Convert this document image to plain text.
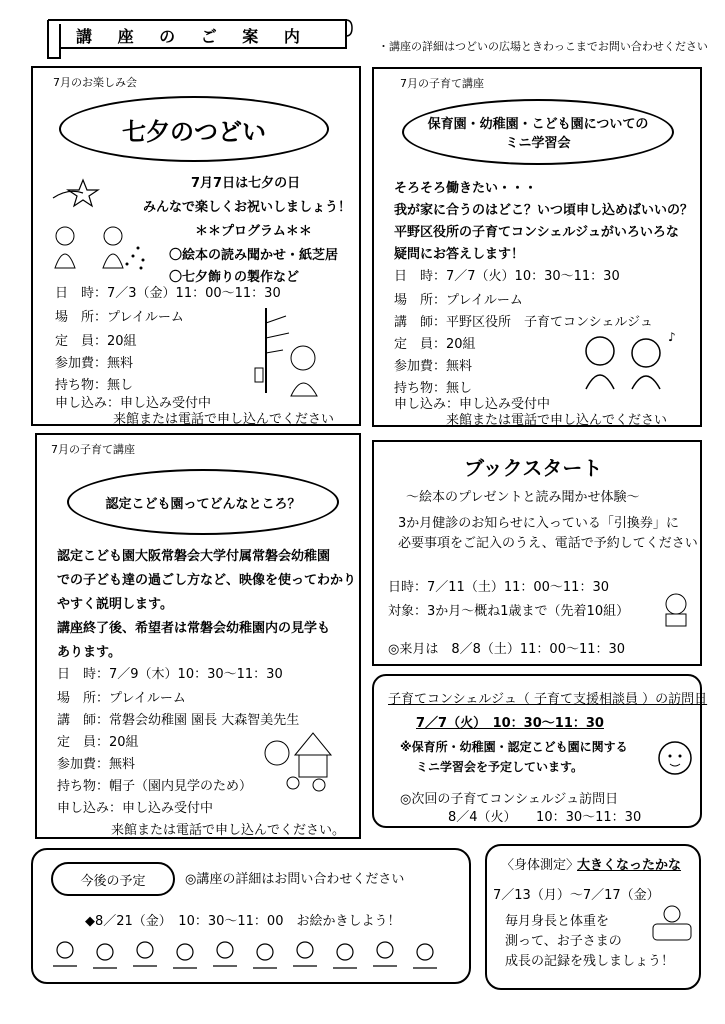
講 座 の ご 案 内
・講座の詳細はつどいの広場ときわっこまでお問い合わせください
7月のお楽しみ会
七夕のつどい
7月7日は七夕の日
みんなで楽しくお祝いしましょう！
＊＊プログラム＊＊
〇絵本の読み聞かせ・紙芝居
〇七夕飾りの製作など
日　時：7／3（金）11：00～11：30
場　所：プレイルーム
定　員：20組
参加費：無料
持ち物：無し
申し込み：申し込み受付中
来館または電話で申し込んでください
7月の子育て講座
保育園・幼稚園・こども園についての
ミニ学習会
そろそろ働きたい・・・
我が家に合うのはどこ？いつ頃申し込めばいいの？
平野区役所の子育てコンシェルジュがいろいろな
疑問にお答えします！
日　時：7／7（火）10：30～11：30
場　所：プレイルーム
講　師：平野区役所　子育てコンシェルジュ
定　員：20組
参加費：無料
持ち物：無し
申し込み：申し込み受付中
来館または電話で申し込んでください
♪
7月の子育て講座
認定こども園ってどんなところ？
認定こども園大阪常磐会大学付属常磐会幼稚園
での子ども達の過ごし方など、映像を使ってわかり
やすく説明します。
講座終了後、希望者は常磐会幼稚園内の見学も
あります。
日　時：7／9（木）10：30～11：30
場　所：プレイルーム
講　師：常磐会幼稚園 園長 大森智美先生
定　員：20組
参加費：無料
持ち物：帽子（園内見学のため）
申し込み：申し込み受付中
来館または電話で申し込んでください。
ブックスタート
～絵本のプレゼントと読み聞かせ体験～
3か月健診のお知らせに入っている「引換券」に
必要事項をご記入のうえ、電話で予約してください
日時：7／11（土）11：00～11：30
対象：3か月～概ね1歳まで（先着10組）
◎来月は　8／8（土）11：00～11：30
子育てコンシェルジュ（ 子育て支援相談員 ）の訪問日
7／7（火）　10：30～11：30
※保育所・幼稚園・認定こども園に関する
ミニ学習会を予定しています。
◎次回の子育てコンシェルジュ訪問日
8／4（火）　　10：30～11：30
今後の予定	◎講座の詳細はお問い合わせください
◆8／21（金）　10：30～11：00　お絵かきしよう！
〈身体測定〉
大きくなったかな
7／13（月）～7／17（金）
毎月身長と体重を
測って、お子さまの
成長の記録を残しましょう！
